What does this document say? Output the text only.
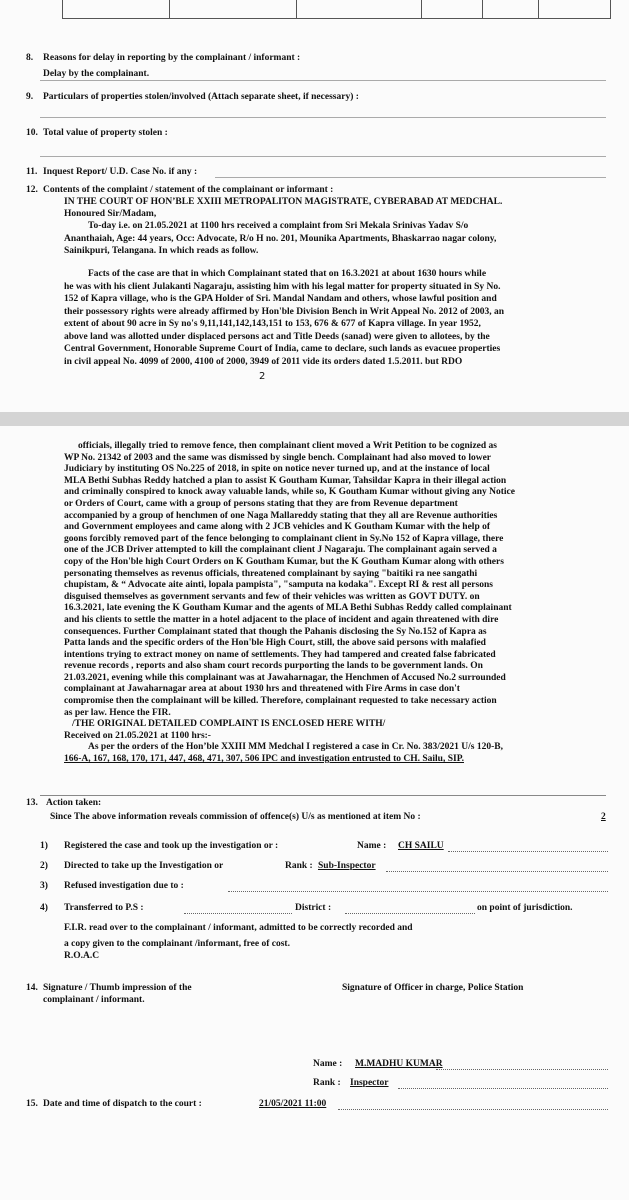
8. Reasons for delay in reporting by the complainant / informant :
Delay by the complainant.
9. Particulars of properties stolen/involved (Attach separate sheet, if necessary) :
10. Total value of property stolen :
11. Inquest Report/ U.D. Case No. if any :
12. Contents of the complaint / statement of the complainant or informant :
IN THE COURT OF HON’BLE XXIII METROPALITON MAGISTRATE, CYBERABAD AT MEDCHAL.
Honoured Sir/Madam,
To-day i.e. on 21.05.2021 at 1100 hrs received a complaint from Sri Mekala Srinivas Yadav S/o
Ananthaiah, Age: 44 years, Occ: Advocate, R/o H no. 201, Mounika Apartments, Bhaskarrao nagar colony,
Sainikpuri, Telangana. In which reads as follow.
Facts of the case are that in which Complainant stated that on 16.3.2021 at about 1630 hours while
he was with his client Julakanti Nagaraju, assisting him with his legal matter for property situated in Sy No.
152 of Kapra village, who is the GPA Holder of Sri. Mandal Nandam and others, whose lawful position and
their possessory rights were already affirmed by Hon'ble Division Bench in Writ Appeal No. 2012 of 2003, an
extent of about 90 acre in Sy no's 9,11,141,142,143,151 to 153, 676 & 677 of Kapra village. In year 1952,
above land was allotted under displaced persons act and Title Deeds (sanad) were given to allotees, by the
Central Government, Honorable Supreme Court of India, came to declare, such lands as evacuee properties
in civil appeal No. 4099 of 2000, 4100 of 2000, 3949 of 2011 vide its orders dated 1.5.2011. but RDO
2
officials, illegally tried to remove fence, then complainant client moved a Writ Petition to be cognized as
WP No. 21342 of 2003 and the same was dismissed by single bench. Complainant had also moved to lower
Judiciary by instituting OS No.225 of 2018, in spite on notice never turned up, and at the instance of local
MLA Bethi Subhas Reddy hatched a plan to assist K Goutham Kumar, Tahsildar Kapra in their illegal action
and criminally conspired to knock away valuable lands, while so, K Goutham Kumar without giving any Notice
or Orders of Court, came with a group of persons stating that they are from Revenue department
accompanied by a group of henchmen of one Naga Mallareddy stating that they all are Revenue authorities
and Government employees and came along with 2 JCB vehicles and K Goutham Kumar with the help of
goons forcibly removed part of the fence belonging to complainant client in Sy.No 152 of Kapra village, there
one of the JCB Driver attempted to kill the complainant client J Nagaraju. The complainant again served a
copy of the Hon'ble high Court Orders on K Goutham Kumar, but the K Goutham Kumar along with others
personating themselves as revenus officials, threatened complainant by saying "baitiki ra nee sangathi
chupistam, & “ Advocate aite ainti, lopala pampista", "samputa na kodaka". Except RI & rest all persons
disguised themselves as government servants and few of their vehicles was written as GOVT DUTY. on
16.3.2021, late evening the K Goutham Kumar and the agents of MLA Bethi Subhas Reddy called complainant
and his clients to settle the matter in a hotel adjacent to the place of incident and again threatened with dire
consequences. Further Complainant stated that though the Pahanis disclosing the Sy No.152 of Kapra as
Patta lands and the specific orders of the Hon'ble High Court, still, the above said persons with malafied
intentions trying to extract money on name of settlements. They had tampered and created false fabricated
revenue records , reports and also sham court records purporting the lands to be government lands. On
21.03.2021, evening while this complainant was at Jawaharnagar, the Henchmen of Accused No.2 surrounded
complainant at Jawaharnagar area at about 1930 hrs and threatened with Fire Arms in case don't
compromise then the complainant will be killed. Therefore, complainant requested to take necessary action
as per law. Hence the FIR.
/THE ORIGINAL DETAILED COMPLAINT IS ENCLOSED HERE WITH/
Received on 21.05.2021 at 1100 hrs:-
As per the orders of the Hon’ble XXIII MM Medchal I registered a case in Cr. No. 383/2021 U/s 120-B,
166-A, 167, 168, 170, 171, 447, 468, 471, 307, 506 IPC and investigation entrusted to CH. Sailu, SIP.
13. Action taken:
Since The above information reveals commission of offence(s) U/s as mentioned at item No :	2
1) Registered the case and took up the investigation or :	Name : CH SAILU
2) Directed to take up the Investigation or	Rank : Sub-Inspector
3) Refused investigation due to :
4) Transferred to P.S :	District :	on point of jurisdiction.
F.I.R. read over to the complainant / informant, admitted to be correctly recorded and
a copy given to the complainant /informant, free of cost.
R.O.A.C
14. Signature / Thumb impression of the
complainant / informant.
Signature of Officer in charge, Police Station
Name : M.MADHU KUMAR
Rank : Inspector
15. Date and time of dispatch to the court :	21/05/2021 11:00
